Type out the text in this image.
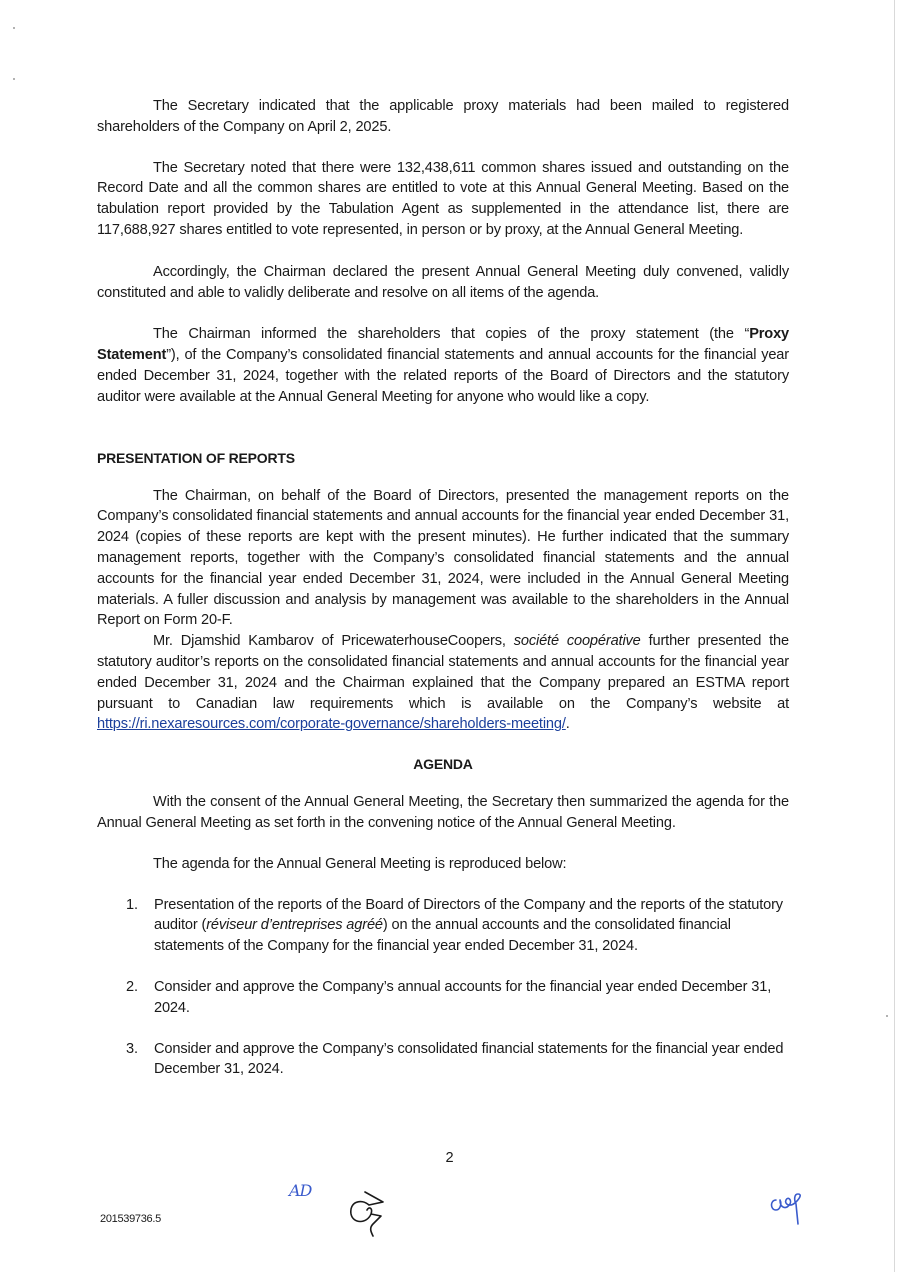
The Secretary indicated that the applicable proxy materials had been mailed to registered shareholders of the Company on April 2, 2025.

The Secretary noted that there were 132,438,611 common shares issued and outstanding on the Record Date and all the common shares are entitled to vote at this Annual General Meeting. Based on the tabulation report provided by the Tabulation Agent as supplemented in the attendance list, there are 117,688,927 shares entitled to vote represented, in person or by proxy, at the Annual General Meeting.

Accordingly, the Chairman declared the present Annual General Meeting duly convened, validly constituted and able to validly deliberate and resolve on all items of the agenda.

The Chairman informed the shareholders that copies of the proxy statement (the “Proxy Statement”), of the Company’s consolidated financial statements and annual accounts for the financial year ended December 31, 2024, together with the related reports of the Board of Directors and the statutory auditor were available at the Annual General Meeting for anyone who would like a copy.

PRESENTATION OF REPORTS

The Chairman, on behalf of the Board of Directors, presented the management reports on the Company’s consolidated financial statements and annual accounts for the financial year ended December 31, 2024 (copies of these reports are kept with the present minutes). He further indicated that the summary management reports, together with the Company’s consolidated financial statements and the annual accounts for the financial year ended December 31, 2024, were included in the Annual General Meeting materials. A fuller discussion and analysis by management was available to the shareholders in the Annual Report on Form 20-F.

Mr. Djamshid Kambarov of PricewaterhouseCoopers, société coopérative further presented the statutory auditor’s reports on the consolidated financial statements and annual accounts for the financial year ended December 31, 2024 and the Chairman explained that the Company prepared an ESTMA report pursuant to Canadian law requirements which is available on the Company’s website at https://ri.nexaresources.com/corporate-governance/shareholders-meeting/.

AGENDA

With the consent of the Annual General Meeting, the Secretary then summarized the agenda for the Annual General Meeting as set forth in the convening notice of the Annual General Meeting.

The agenda for the Annual General Meeting is reproduced below:

1. Presentation of the reports of the Board of Directors of the Company and the reports of the statutory auditor (réviseur d’entreprises agréé) on the annual accounts and the consolidated financial statements of the Company for the financial year ended December 31, 2024.
2. Consider and approve the Company’s annual accounts for the financial year ended December 31, 2024.
3. Consider and approve the Company’s consolidated financial statements for the financial year ended December 31, 2024.
2
201539736.5
AD
